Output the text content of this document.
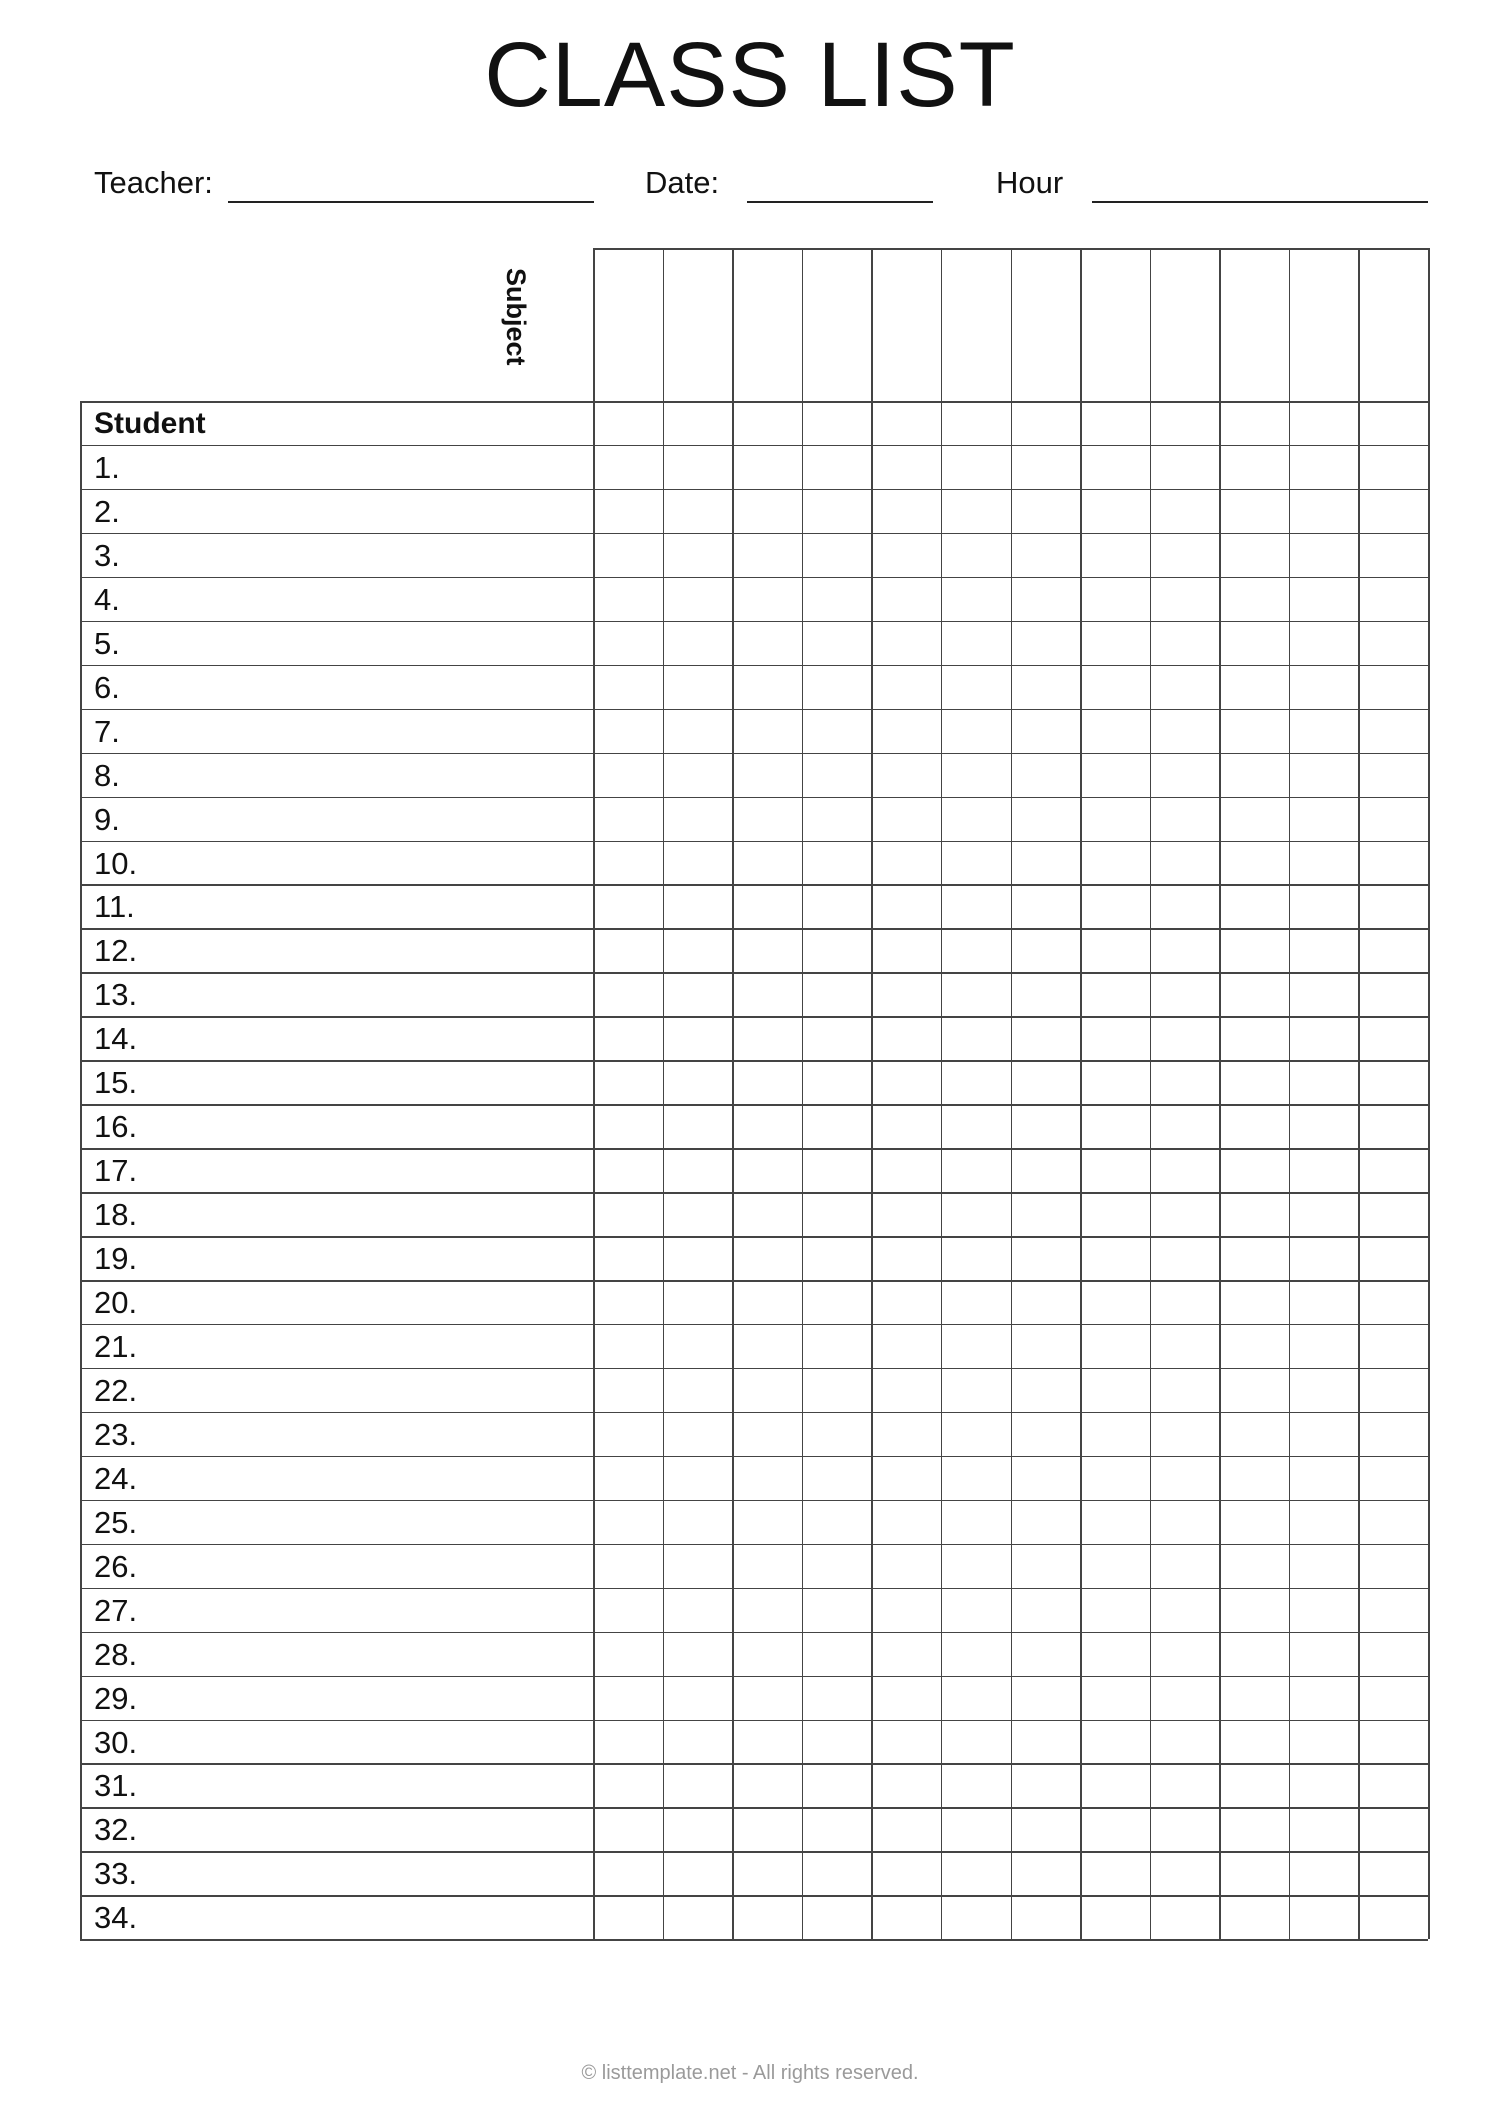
CLASS LIST
Teacher:	Date:	Hour
Subject
Student
1.
2.
3.
4.
5.
6.
7.
8.
9.
10.
11.
12.
13.
14.
15.
16.
17.
18.
19.
20.
21.
22.
23.
24.
25.
26.
27.
28.
29.
30.
31.
32.
33.
34.
© listtemplate.net - All rights reserved.
